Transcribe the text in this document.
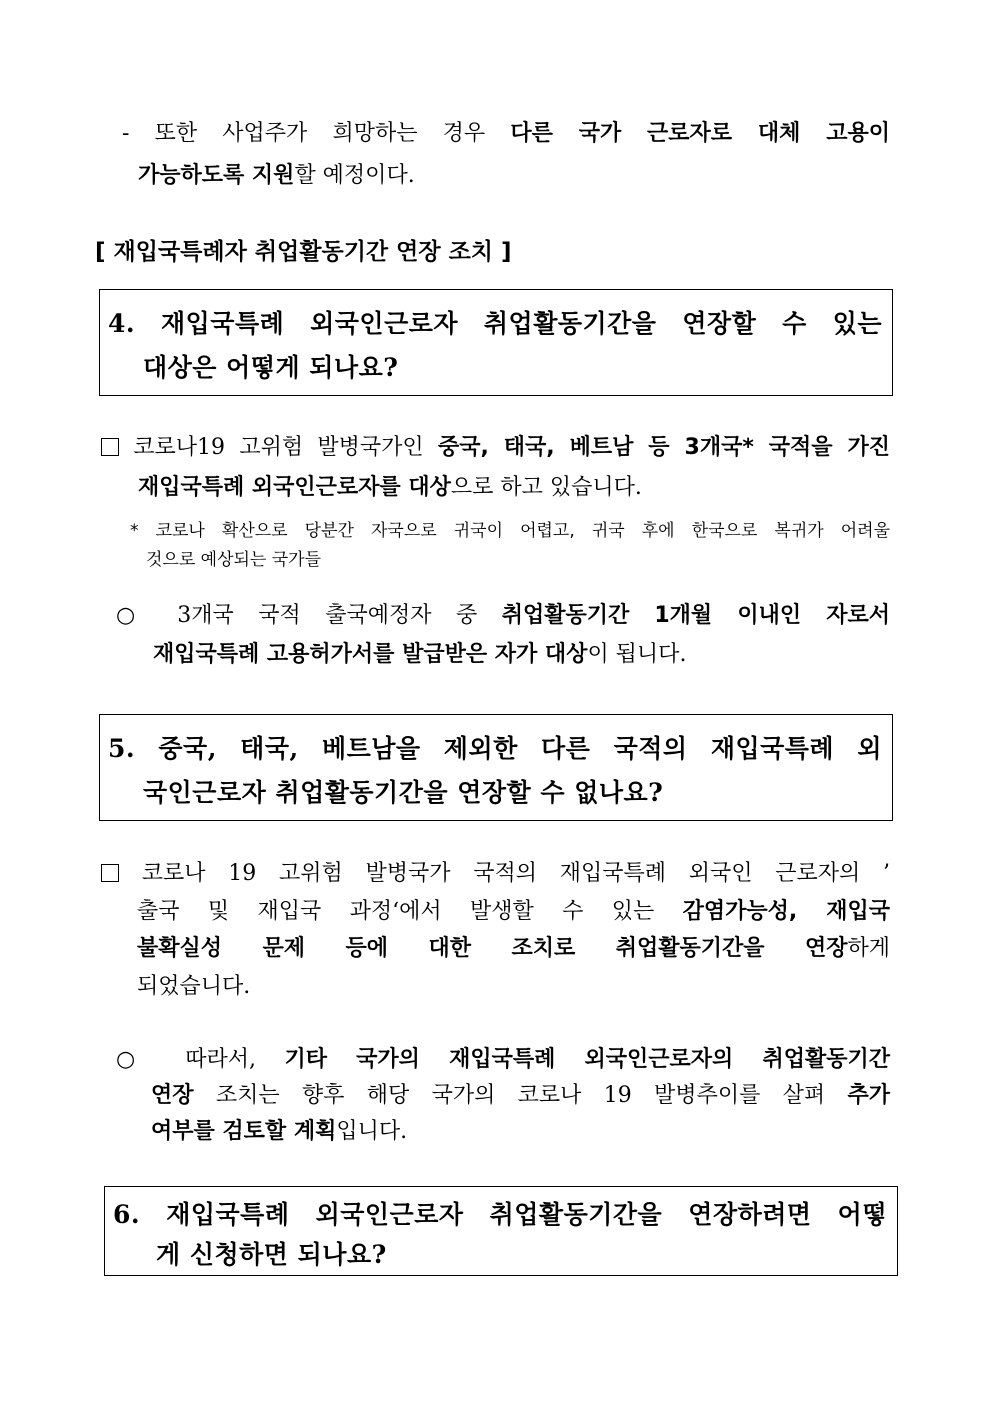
- 또한 사업주가 희망하는 경우 다른 국가 근로자로 대체 고용이
가능하도록 지원할 예정이다.
[ 재입국특례자 취업활동기간 연장 조치 ]
4. 재입국특례 외국인근로자 취업활동기간을 연장할 수 있는
대상은 어떻게 되나요?
코로나19 고위험 발병국가인 중국, 태국, 베트남 등 3개국* 국적을 가진
재입국특례 외국인근로자를 대상으로 하고 있습니다.
* 코로나 확산으로 당분간 자국으로 귀국이 어렵고, 귀국 후에 한국으로 복귀가 어려울
것으로 예상되는 국가들
○ 3개국 국적 출국예정자 중 취업활동기간 1개월 이내인 자로서
재입국특례 고용허가서를 발급받은 자가 대상이 됩니다.
5. 중국, 태국, 베트남을 제외한 다른 국적의 재입국특례 외
국인근로자 취업활동기간을 연장할 수 없나요?
코로나 19 고위험 발병국가 국적의 재입국특례 외국인 근로자의 ’
출국 및 재입국 과정‘에서 발생할 수 있는 감염가능성, 재입국
불확실성 문제 등에 대한 조치로 취업활동기간을 연장하게
되었습니다.
○ 따라서, 기타 국가의 재입국특례 외국인근로자의 취업활동기간
연장 조치는 향후 해당 국가의 코로나 19 발병추이를 살펴 추가
여부를 검토할 계획입니다.
6. 재입국특례 외국인근로자 취업활동기간을 연장하려면 어떻
게 신청하면 되나요?
